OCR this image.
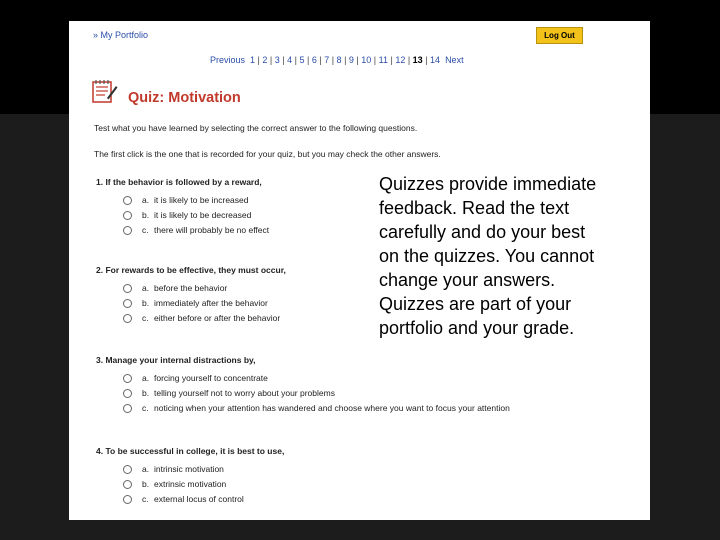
» My Portfolio	Log Out
Previous 1 | 2 | 3 | 4 | 5 | 6 | 7 | 8 | 9 | 10 | 11 | 12 | 13 | 14 Next
Quiz: Motivation
Test what you have learned by selecting the correct answer to the following questions.
The first click is the one that is recorded for your quiz, but you may check the other answers.
1. If the behavior is followed by a reward,
a. it is likely to be increased
b. it is likely to be decreased
c. there will probably be no effect
2. For rewards to be effective, they must occur,
a. before the behavior
b. immediately after the behavior
c. either before or after the behavior
3. Manage your internal distractions by,
a. forcing yourself to concentrate
b. telling yourself not to worry about your problems
c. noticing when your attention has wandered and choose where you want to focus your attention
4. To be successful in college, it is best to use,
a. intrinsic motivation
b. extrinsic motivation
c. external locus of control
Quizzes provide immediate feedback. Read the text carefully and do your best on the quizzes. You cannot change your answers. Quizzes are part of your portfolio and your grade.
